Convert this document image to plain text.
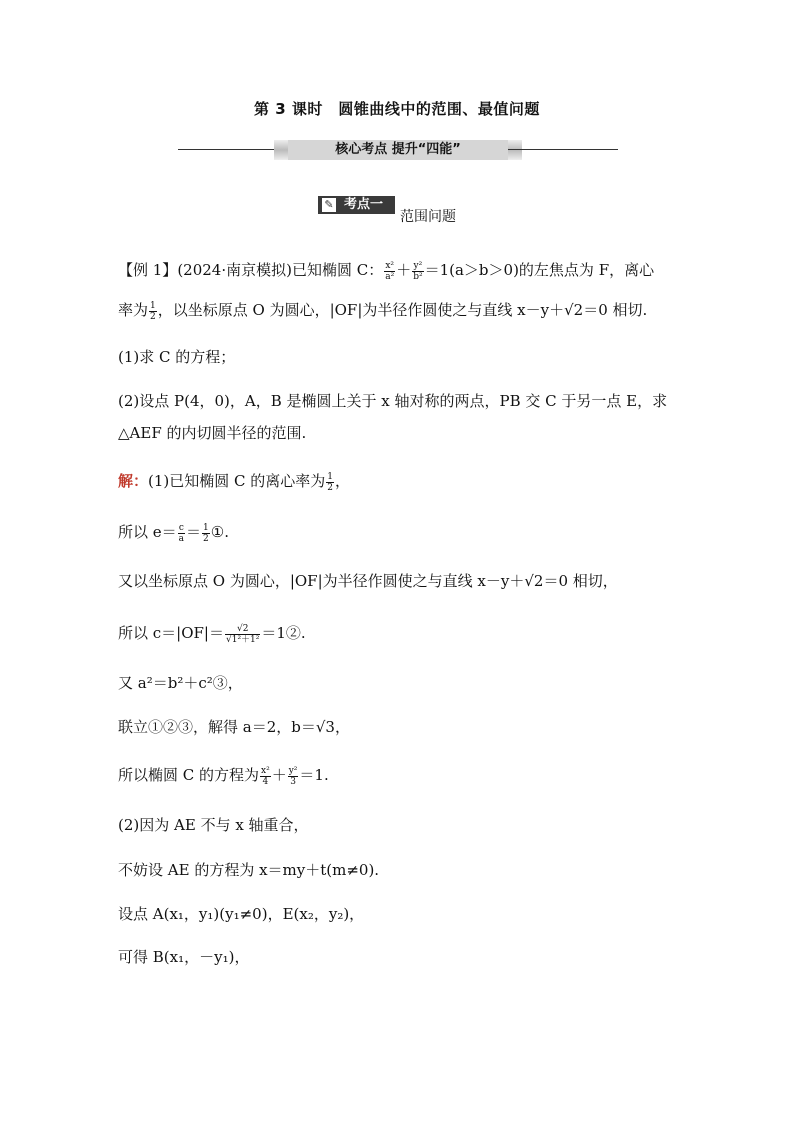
第 3 课时　圆锥曲线中的范围、最值问题
核心考点 提升“四能”
✎ 考点一
范围问题
【例 1】(2024·南京模拟)已知椭圆 C： $\frac{\text{x²}}{\text{a²}} + \frac{\text{y²}}{\text{b²}} =1(a>b>0)$的左焦点为 F，离心
率为 $\frac{1}{2}$ ，以坐标原点 O 为圆心，|OF|为半径作圆使之与直线 x－y＋√2＝0 相切.
(1)求 C 的方程；
(2)设点 P(4，0)，A，B 是椭圆上关于 x 轴对称的两点，PB 交 C 于另一点 E，求
△AEF 的内切圆半径的范围.
解：(1)已知椭圆 C 的离心率为 $\frac{1}{2}$ ，
所以 $e= \frac{c}{a} = \frac{1}{2}$ ①.
又以坐标原点 O 为圆心，|OF|为半径作圆使之与直线 x－y＋√2＝0 相切，
所以 $c=|OF|= \frac{√2}{\text{√1²＋1²}}$ ＝1②.
又 a²＝b²＋c²③，
联立①②③，解得 a＝2，b＝√3，
所以椭圆 C 的方程为 $\frac{\text{x²}}{4} + \frac{\text{y²}}{3} =1$.
(2)因为 AE 不与 x 轴重合，
不妨设 AE 的方程为 x＝my＋t(m≠0).
设点 A(x₁，y₁)(y₁≠0)，E(x₂，y₂)，
可得 B(x₁，－y₁)，
